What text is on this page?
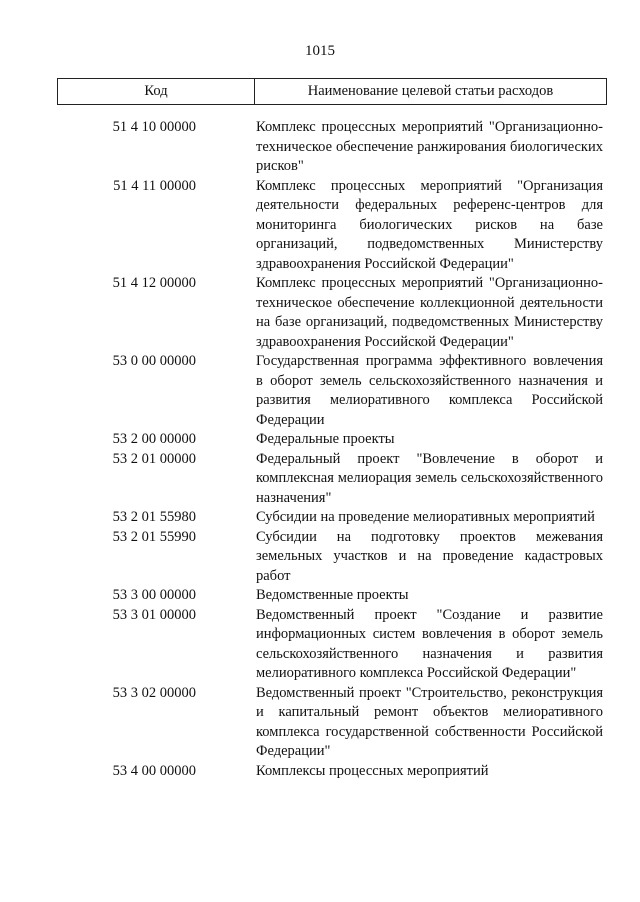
1015
Код	Наименование целевой статьи расходов
51 4 10 00000	Комплекс процессных мероприятий "Организационно-техническое обеспечение ранжирования биологических рисков"
51 4 11 00000	Комплекс процессных мероприятий "Организация деятельности федеральных референс-центров для мониторинга биологических рисков на базе организаций, подведомственных Министерству здравоохранения Российской Федерации"
51 4 12 00000	Комплекс процессных мероприятий "Организационно-техническое обеспечение коллекционной деятельности на базе организаций, подведомственных Министерству здравоохранения Российской Федерации"
53 0 00 00000	Государственная программа эффективного вовлечения в оборот земель сельскохозяйственного назначения и развития мелиоративного комплекса Российской Федерации
53 2 00 00000	Федеральные проекты
53 2 01 00000	Федеральный проект "Вовлечение в оборот и комплексная мелиорация земель сельскохозяйственного назначения"
53 2 01 55980	Субсидии на проведение мелиоративных мероприятий
53 2 01 55990	Субсидии на подготовку проектов межевания земельных участков и на проведение кадастровых работ
53 3 00 00000	Ведомственные проекты
53 3 01 00000	Ведомственный проект "Создание и развитие информационных систем вовлечения в оборот земель сельскохозяйственного назначения и развития мелиоративного комплекса Российской Федерации"
53 3 02 00000	Ведомственный проект "Строительство, реконструкция и капитальный ремонт объектов мелиоративного комплекса государственной собственности Российской Федерации"
53 4 00 00000	Комплексы процессных мероприятий
